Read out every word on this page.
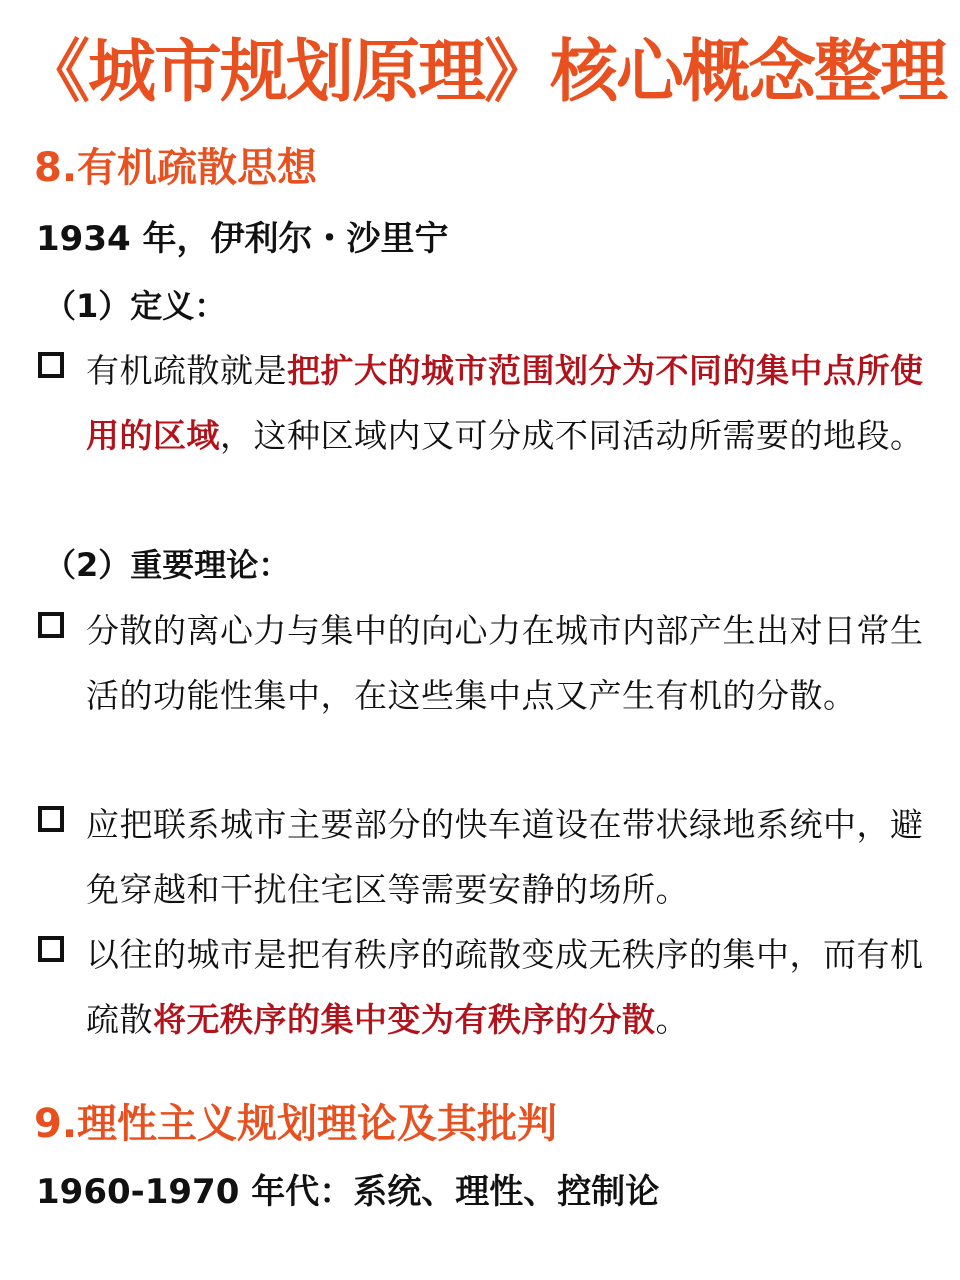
《城市规划原理》核心概念整理
8.有机疏散思想

1934 年，伊利尔・沙里宁

（1）定义：

有机疏散就是把扩大的城市范围划分为不同的集中点所使用的区域，这种区域内又可分成不同活动所需要的地段。

（2）重要理论：

分散的离心力与集中的向心力在城市内部产生出对日常生活的功能性集中，在这些集中点又产生有机的分散。

应把联系城市主要部分的快车道设在带状绿地系统中，避免穿越和干扰住宅区等需要安静的场所。

以往的城市是把有秩序的疏散变成无秩序的集中，而有机疏散将无秩序的集中变为有秩序的分散。

9.理性主义规划理论及其批判

1960-1970 年代：系统、理性、控制论
